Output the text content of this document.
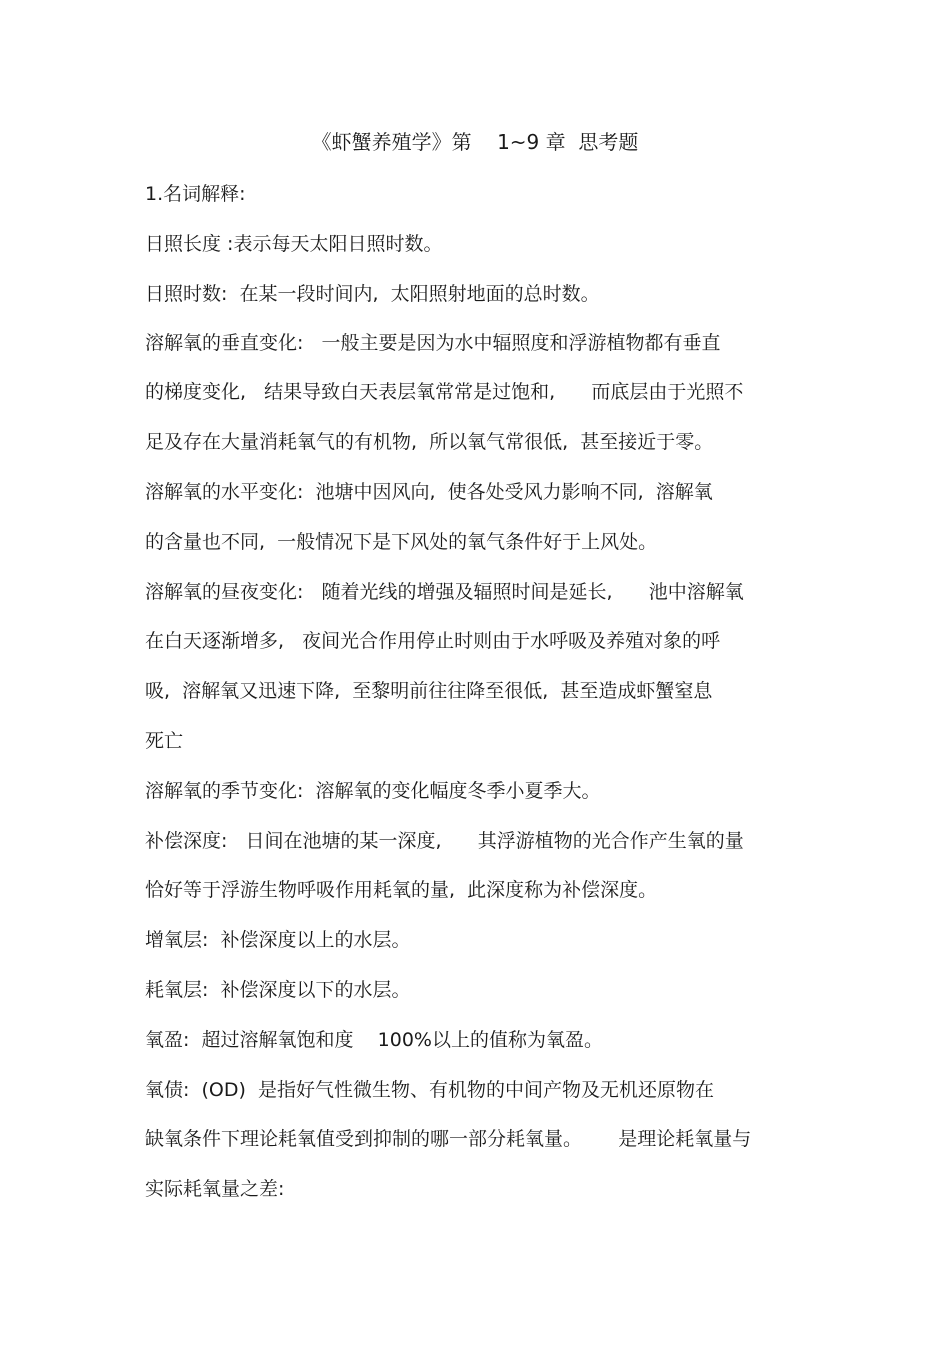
《虾蟹养殖学》第    1~9 章  思考题
1.名词解释:
日照长度 :表示每天太阳日照时数。
日照时数:  在某一段时间内,  太阳照射地面的总时数。
溶解氧的垂直变化:   一般主要是因为水中辐照度和浮游植物都有垂直
的梯度变化,   结果导致白天表层氧常常是过饱和,      而底层由于光照不
足及存在大量消耗氧气的有机物,  所以氧气常很低,  甚至接近于零。
溶解氧的水平变化:  池塘中因风向,  使各处受风力影响不同,  溶解氧
的含量也不同,  一般情况下是下风处的氧气条件好于上风处。
溶解氧的昼夜变化:   随着光线的增强及辐照时间是延长,      池中溶解氧
在白天逐渐增多,   夜间光合作用停止时则由于水呼吸及养殖对象的呼
吸,  溶解氧又迅速下降,  至黎明前往往降至很低,  甚至造成虾蟹窒息
死亡
溶解氧的季节变化:  溶解氧的变化幅度冬季小夏季大。
补偿深度:   日间在池塘的某一深度,      其浮游植物的光合作产生氧的量
恰好等于浮游生物呼吸作用耗氧的量,  此深度称为补偿深度。
增氧层:  补偿深度以上的水层。
耗氧层:  补偿深度以下的水层。
氧盈:  超过溶解氧饱和度    100%以上的值称为氧盈。
氧债:  (OD)  是指好气性微生物、有机物的中间产物及无机还原物在
缺氧条件下理论耗氧值受到抑制的哪一部分耗氧量。      是理论耗氧量与
实际耗氧量之差:
